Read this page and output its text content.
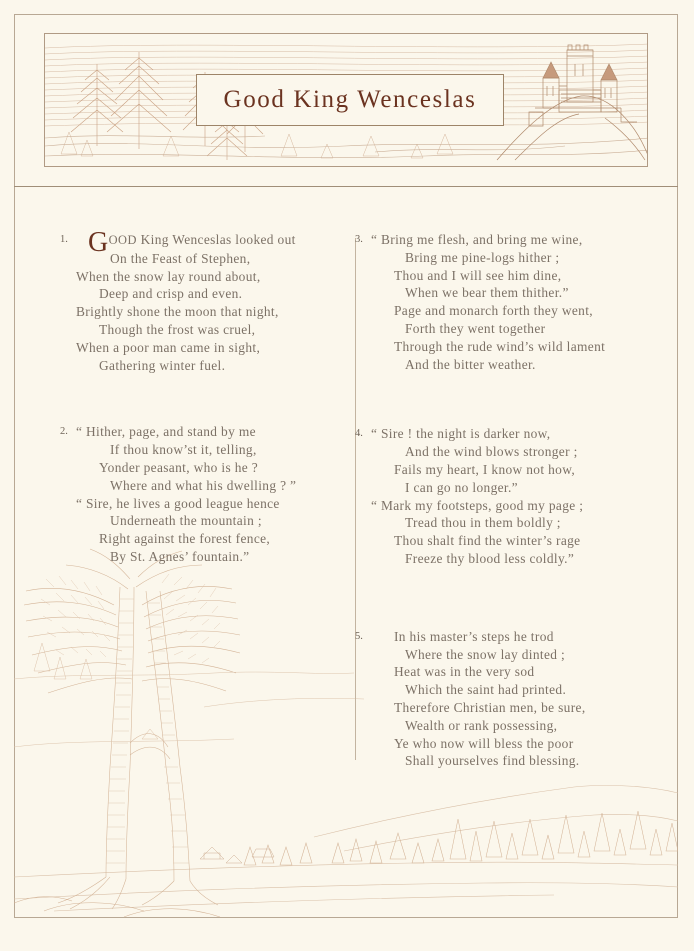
Good King Wenceslas
1. GOOD King Wenceslas looked out
On the Feast of Stephen,
When the snow lay round about,
Deep and crisp and even.
Brightly shone the moon that night,
Though the frost was cruel,
When a poor man came in sight,
Gathering winter fuel.
2. “ Hither, page, and stand by me
If thou know’st it, telling,
Yonder peasant, who is he ?
Where and what his dwelling ? ”
“ Sire, he lives a good league hence
Underneath the mountain ;
Right against the forest fence,
By St. Agnes’ fountain.”
3. “ Bring me flesh, and bring me wine,
Bring me pine-logs hither ;
Thou and I will see him dine,
When we bear them thither.”
Page and monarch forth they went,
Forth they went together
Through the rude wind’s wild lament
And the bitter weather.
4. “ Sire ! the night is darker now,
And the wind blows stronger ;
Fails my heart, I know not how,
I can go no longer.”
“ Mark my footsteps, good my page ;
Tread thou in them boldly ;
Thou shalt find the winter’s rage
Freeze thy blood less coldly.”
5.	In his master’s steps he trod
Where the snow lay dinted ;
Heat was in the very sod
Which the saint had printed.
Therefore Christian men, be sure,
Wealth or rank possessing,
Ye who now will bless the poor
Shall yourselves find blessing.
